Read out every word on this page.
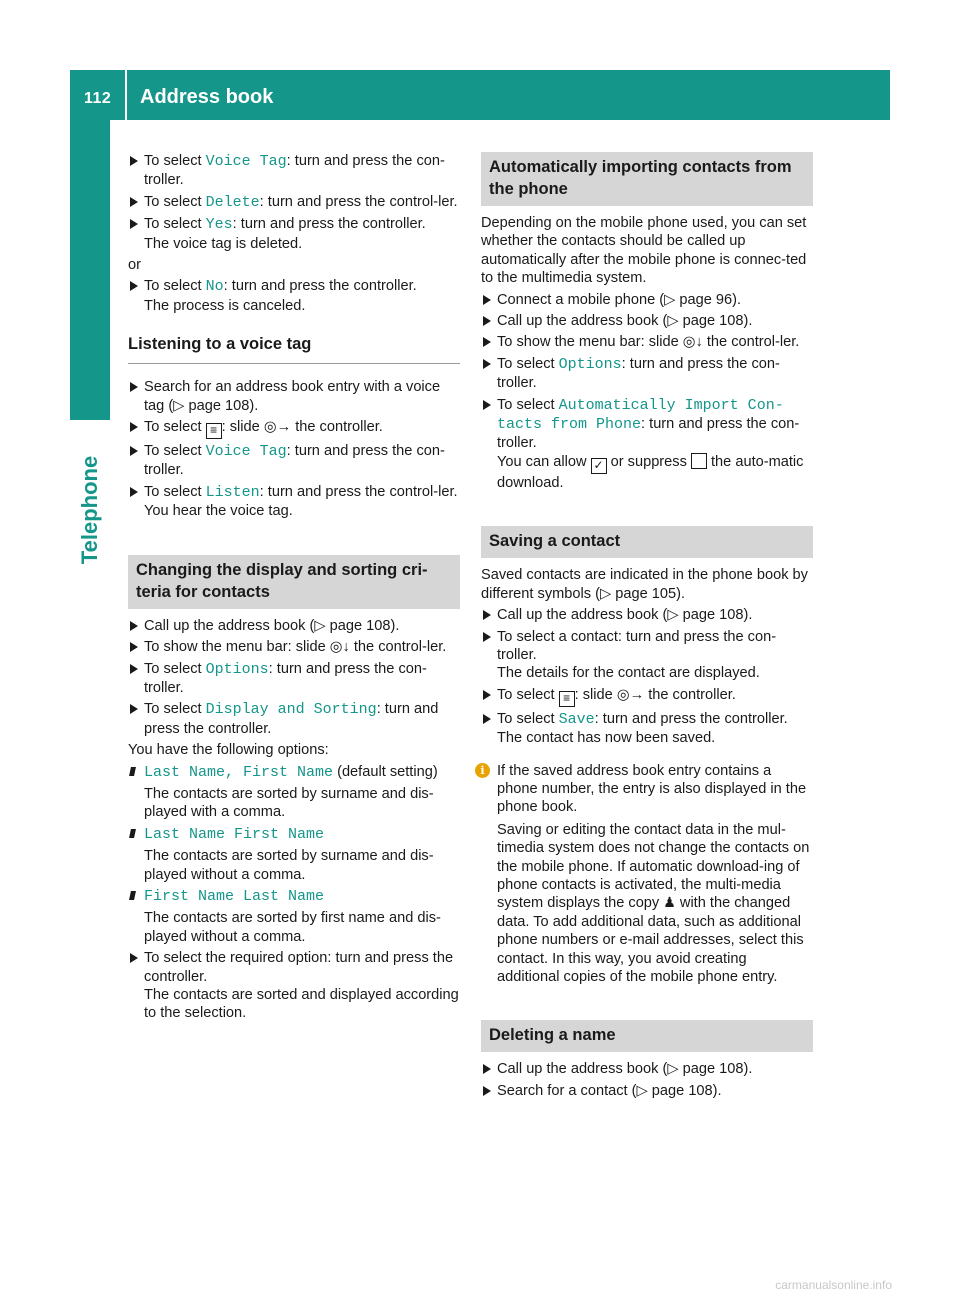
112 Address book
Telephone
To select Voice Tag: turn and press the con-troller.
To select Delete: turn and press the control-ler.
To select Yes: turn and press the controller.
The voice tag is deleted.
or
To select No: turn and press the controller.
The process is canceled.
Listening to a voice tag
Search for an address book entry with a voice tag (▷ page 108).
To select ≡ : slide ◎→ the controller.
To select Voice Tag: turn and press the con-troller.
To select Listen: turn and press the control-ler.
You hear the voice tag.
Changing the display and sorting cri-teria for contacts
Call up the address book (▷ page 108).
To show the menu bar: slide ◎↓ the control-ler.
To select Options: turn and press the con-troller.
To select Display and Sorting: turn and press the controller.
You have the following options:
Last Name, First Name (default setting)
The contacts are sorted by surname and dis-played with a comma.
Last Name First Name
The contacts are sorted by surname and dis-played without a comma.
First Name Last Name
The contacts are sorted by first name and dis-played without a comma.
To select the required option: turn and press the controller.
The contacts are sorted and displayed according to the selection.
Automatically importing contacts from the phone
Depending on the mobile phone used, you can set whether the contacts should be called up automatically after the mobile phone is connec-ted to the multimedia system.
Connect a mobile phone (▷ page 96).
Call up the address book (▷ page 108).
To show the menu bar: slide ◎↓ the control-ler.
To select Options: turn and press the con-troller.
To select Automatically Import Con-tacts from Phone: turn and press the con-troller.
You can allow ✓ or suppress  the auto-matic download.
Saving a contact
Saved contacts are indicated in the phone book by different symbols (▷ page 105).
Call up the address book (▷ page 108).
To select a contact: turn and press the con-troller.
The details for the contact are displayed.
To select ≡ : slide ◎→ the controller.
To select Save: turn and press the controller.
The contact has now been saved.
i If the saved address book entry contains a phone number, the entry is also displayed in the phone book.

Saving or editing the contact data in the mul-timedia system does not change the contacts on the mobile phone. If automatic download-ing of phone contacts is activated, the multi-media system displays the copy ♟ with the changed data. To add additional data, such as additional phone numbers or e-mail addresses, select this contact. In this way, you avoid creating additional copies of the mobile phone entry.

Deleting a name
Call up the address book (▷ page 108).
Search for a contact (▷ page 108).
carmanualsonline.info
